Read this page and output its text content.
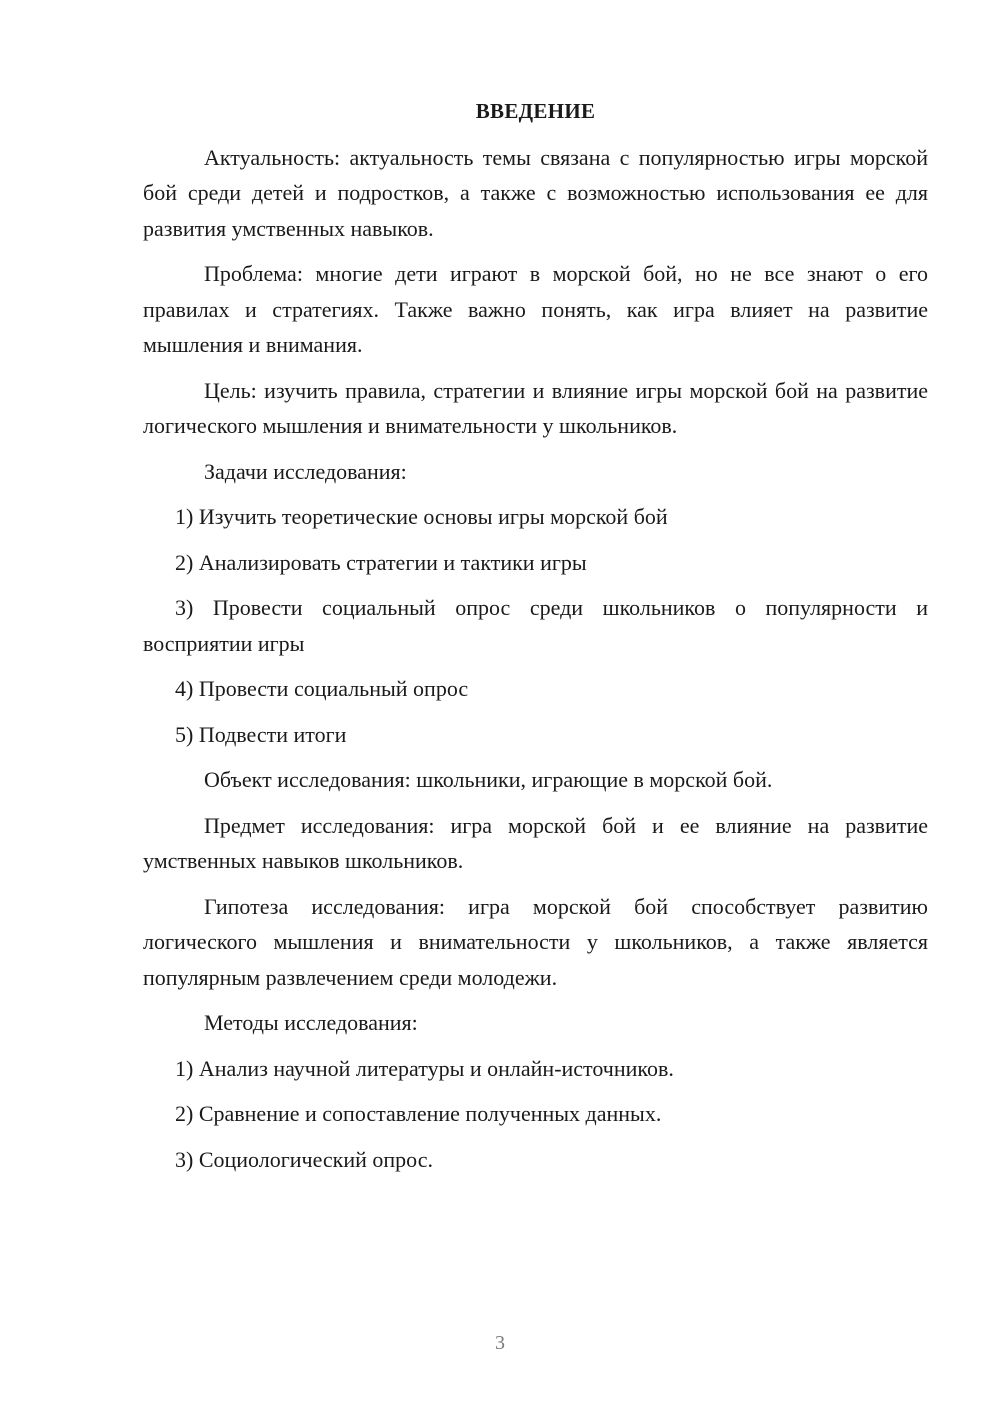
ВВЕДЕНИЕ

Актуальность: актуальность темы связана с популярностью игры морской бой среди детей и подростков, а также с возможностью использования ее для развития умственных навыков.

Проблема: многие дети играют в морской бой, но не все знают о его правилах и стратегиях. Также важно понять, как игра влияет на развитие мышления и внимания.

Цель: изучить правила, стратегии и влияние игры морской бой на развитие логического мышления и внимательности у школьников.

Задачи исследования:

1) Изучить теоретические основы игры морской бой

2) Анализировать стратегии и тактики игры

3) Провести социальный опрос среди школьников о популярности и восприятии игры

4) Провести социальный опрос

5) Подвести итоги

Объект исследования: школьники, играющие в морской бой.

Предмет исследования: игра морской бой и ее влияние на развитие умственных навыков школьников.

Гипотеза исследования: игра морской бой способствует развитию логического мышления и внимательности у школьников, а также является популярным развлечением среди молодежи.

Методы исследования:

1) Анализ научной литературы и онлайн-источников.

2) Сравнение и сопоставление полученных данных.

3) Социологический опрос.

3
